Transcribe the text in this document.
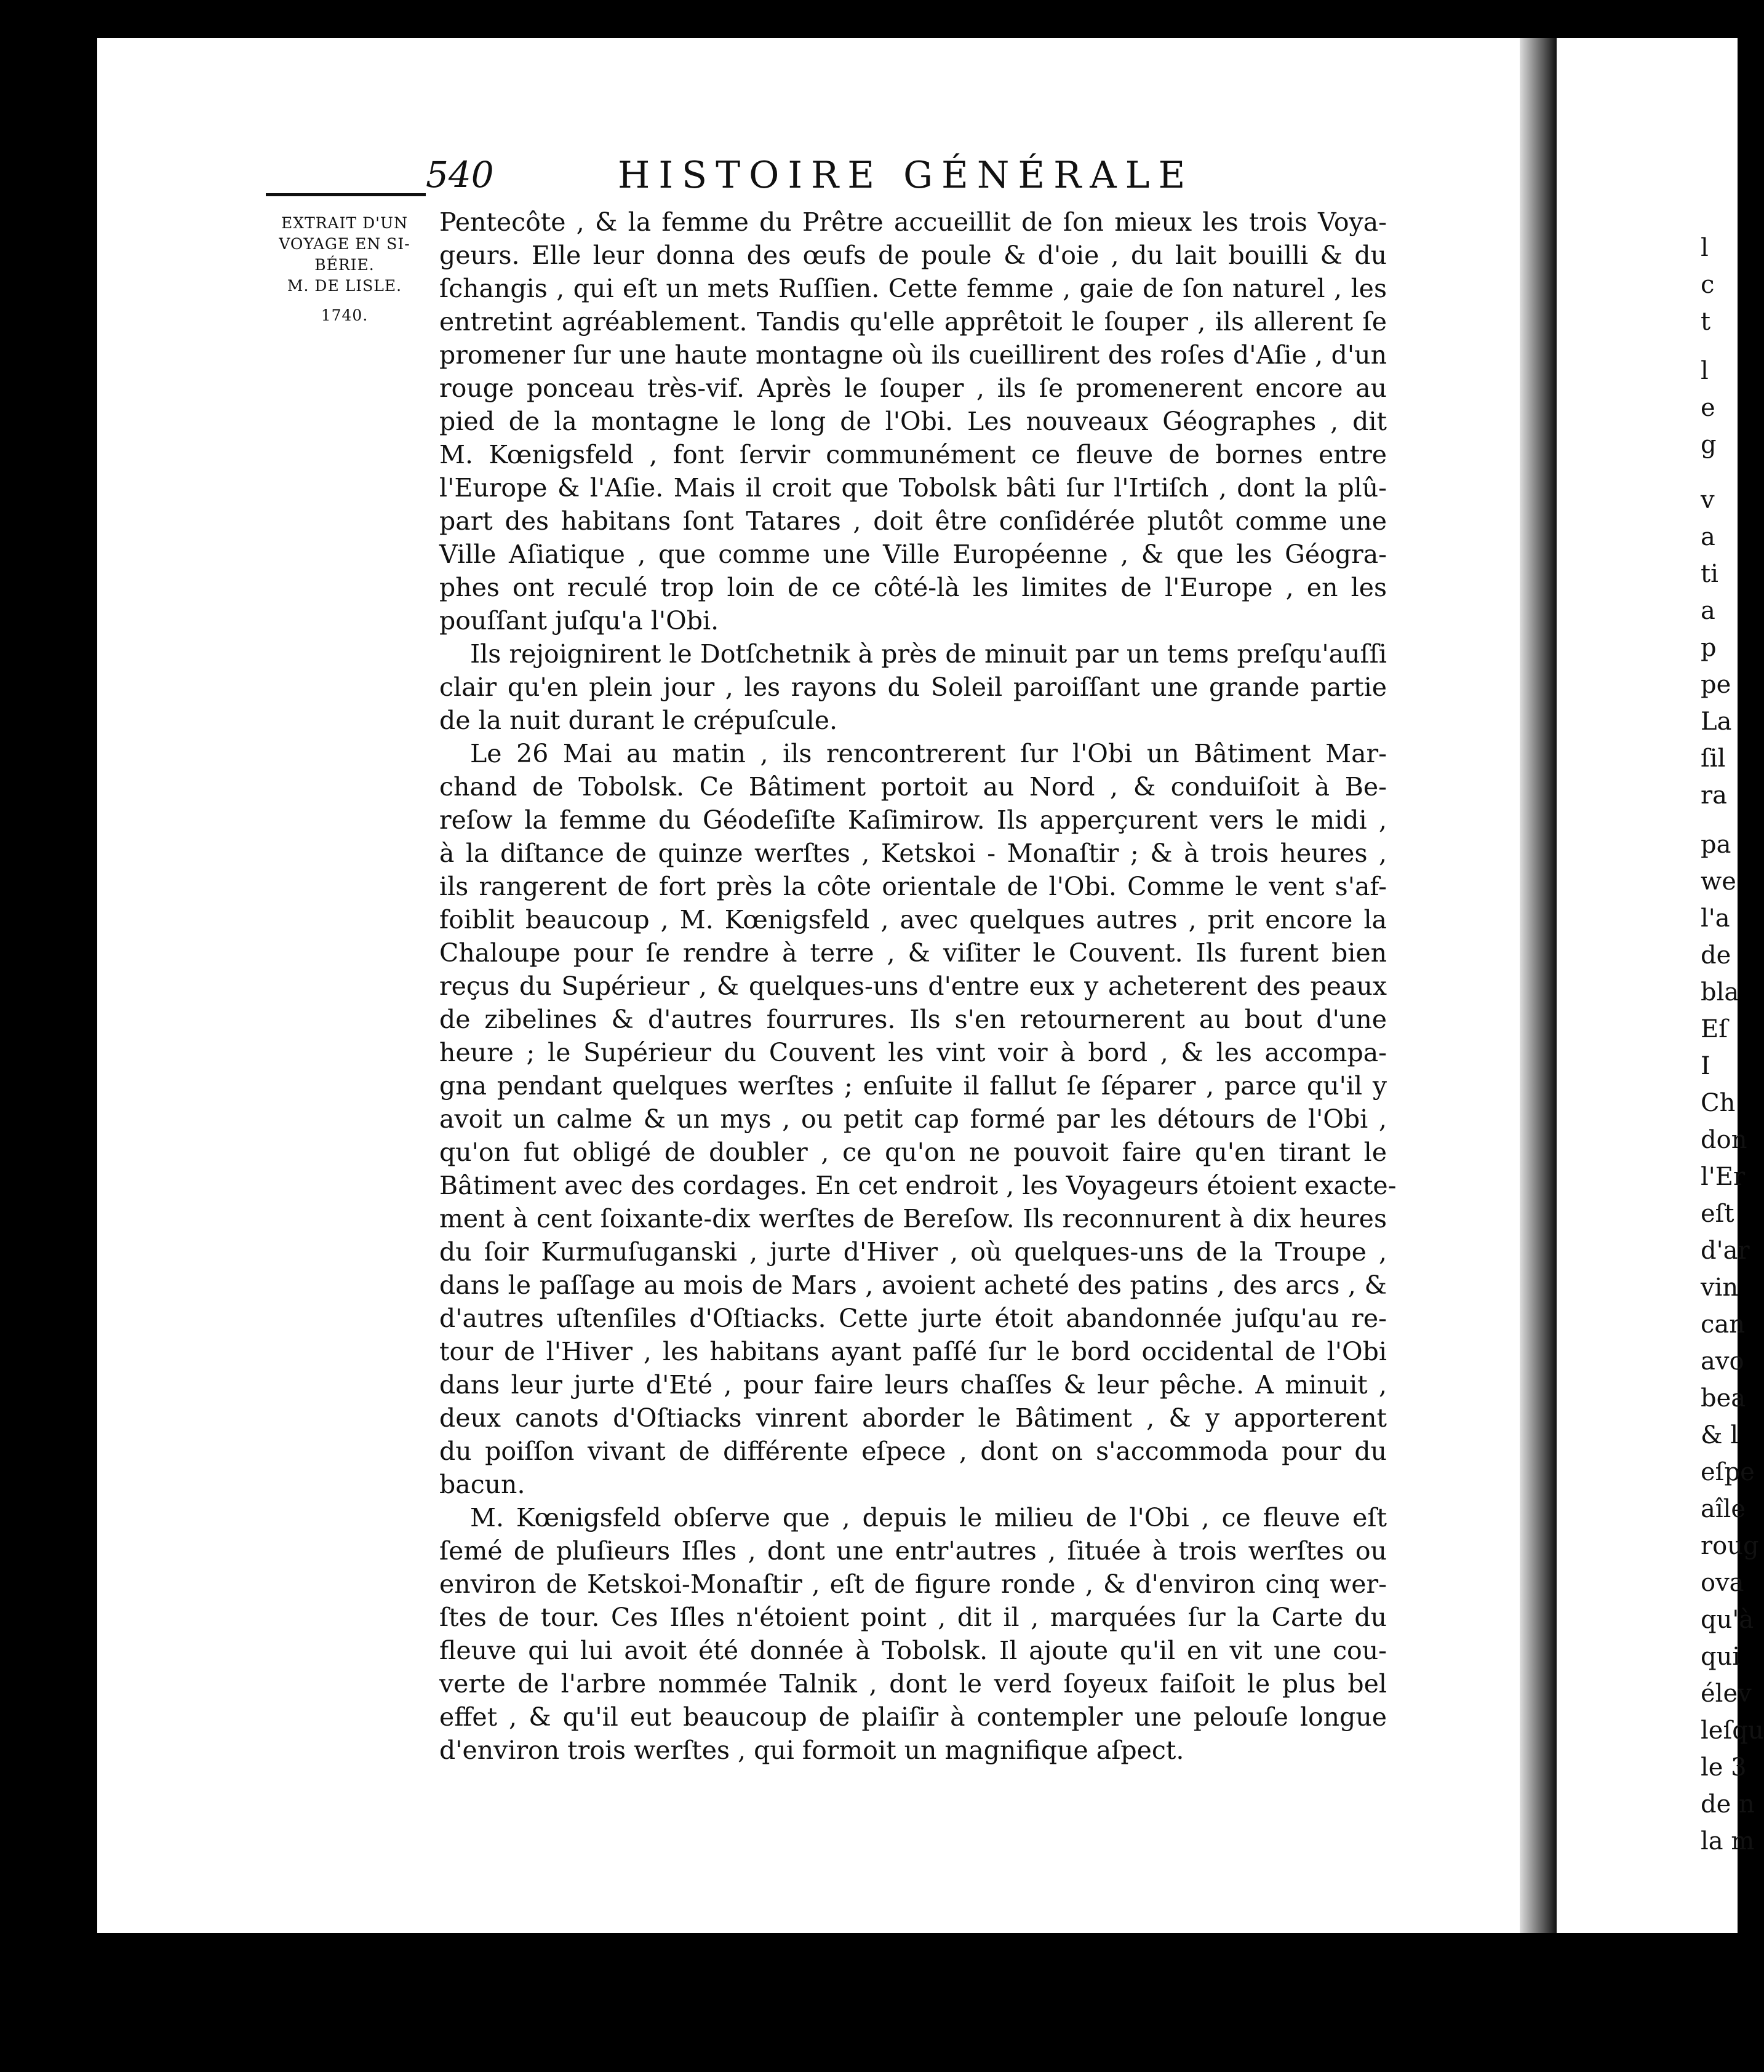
540	HISTOIRE GÉNÉRALE
EXTRAIT D'UN
VOYAGE EN SI-
BÉRIE.
M. DE LISLE.
1740.
Pentecôte , & la femme du Prêtre accueillit de ſon mieux les trois Voya-
geurs. Elle leur donna des œufs de poule & d'oie , du lait bouilli & du
ſchangis , qui eſt un mets Ruſſien. Cette femme , gaie de ſon naturel , les
entretint agréablement. Tandis qu'elle apprêtoit le ſouper , ils allerent ſe
promener ſur une haute montagne où ils cueillirent des roſes d'Aſie , d'un
rouge ponceau très-vif. Après le ſouper , ils ſe promenerent encore au
pied de la montagne le long de l'Obi. Les nouveaux Géographes , dit
M. Kœnigsfeld , font ſervir communément ce fleuve de bornes entre
l'Europe & l'Aſie. Mais il croit que Tobolsk bâti ſur l'Irtiſch , dont la plû-
part des habitans ſont Tatares , doit être conſidérée plutôt comme une
Ville Aſiatique , que comme une Ville Européenne , & que les Géogra-
phes ont reculé trop loin de ce côté-là les limites de l'Europe , en les
pouſſant juſqu'a l'Obi.
Ils rejoignirent le Dotſchetnik à près de minuit par un tems preſqu'auſſi
clair qu'en plein jour , les rayons du Soleil paroiſſant une grande partie
de la nuit durant le crépuſcule.
Le 26 Mai au matin , ils rencontrerent ſur l'Obi un Bâtiment Mar-
chand de Tobolsk. Ce Bâtiment portoit au Nord , & conduiſoit à Be-
reſow la femme du Géodeſiſte Kaſimirow. Ils apperçurent vers le midi ,
à la diſtance de quinze werſtes , Ketskoi - Monaſtir ; & à trois heures ,
ils rangerent de fort près la côte orientale de l'Obi. Comme le vent s'af-
foiblit beaucoup , M. Kœnigsfeld , avec quelques autres , prit encore la
Chaloupe pour ſe rendre à terre , & viſiter le Couvent. Ils furent bien
reçus du Supérieur , & quelques-uns d'entre eux y acheterent des peaux
de zibelines & d'autres fourrures. Ils s'en retournerent au bout d'une
heure ; le Supérieur du Couvent les vint voir à bord , & les accompa-
gna pendant quelques werſtes ; enſuite il fallut ſe ſéparer , parce qu'il y
avoit un calme & un mys , ou petit cap formé par les détours de l'Obi ,
qu'on fut obligé de doubler , ce qu'on ne pouvoit faire qu'en tirant le
Bâtiment avec des cordages. En cet endroit , les Voyageurs étoient exacte-
ment à cent ſoixante-dix werſtes de Bereſow. Ils reconnurent à dix heures
du ſoir Kurmuſuganski , jurte d'Hiver , où quelques-uns de la Troupe ,
dans le paſſage au mois de Mars , avoient acheté des patins , des arcs , &
d'autres uſtenſiles d'Oſtiacks. Cette jurte étoit abandonnée juſqu'au re-
tour de l'Hiver , les habitans ayant paſſé ſur le bord occidental de l'Obi
dans leur jurte d'Eté , pour faire leurs chaſſes & leur pêche. A minuit ,
deux canots d'Oſtiacks vinrent aborder le Bâtiment , & y apporterent
du poiſſon vivant de différente eſpece , dont on s'accommoda pour du
bacun.
M. Kœnigsfeld obſerve que , depuis le milieu de l'Obi , ce fleuve eſt
ſemé de pluſieurs Iſles , dont une entr'autres , ſituée à trois werſtes ou
environ de Ketskoi-Monaſtir , eſt de figure ronde , & d'environ cinq wer-
ſtes de tour. Ces Iſles n'étoient point , dit il , marquées ſur la Carte du
fleuve qui lui avoit été donnée à Tobolsk. Il ajoute qu'il en vit une cou-
verte de l'arbre nommée Talnik , dont le verd ſoyeux faiſoit le plus bel
effet , & qu'il eut beaucoup de plaiſir à contempler une pelouſe longue
d'environ trois werſtes , qui formoit un magnifique aſpect.
l
c
t
l
e
g
v
a
ti
a
p
pe
La
ſil
ra
pa
we
l'a
de
bla
Eſ
I
Ch
don
l'Er
eſt
d'ar
vin
can
avo
bea
& l
eſpe
aîle
roug
ova
qu'à
qui
élev
leſqu
le 3
de n
la m
